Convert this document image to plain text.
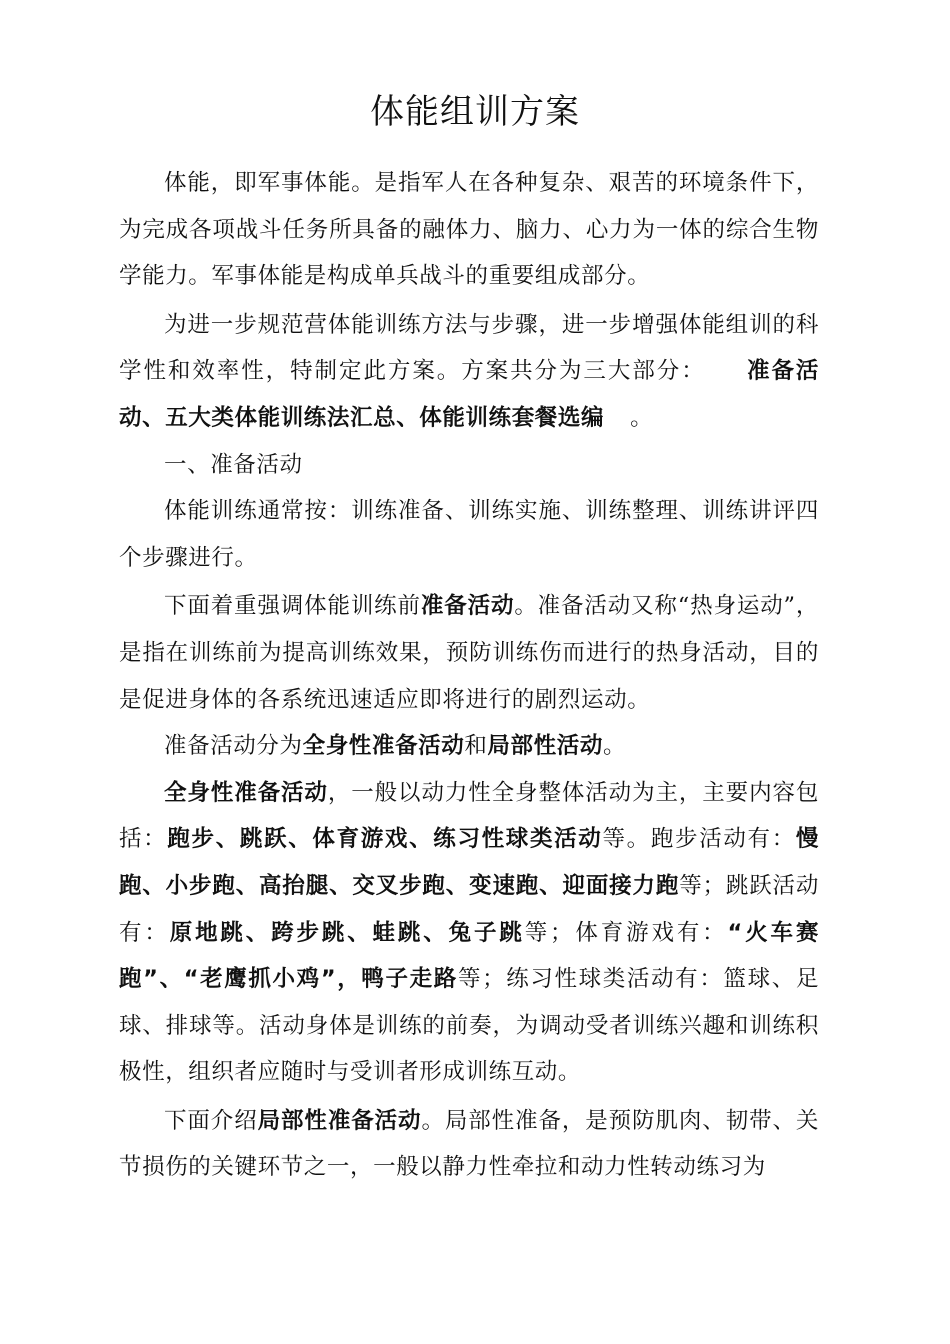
体能组训方案

体能，即军事体能。是指军人在各种复杂、艰苦的环境条件下，为完成各项战斗任务所具备的融体力、脑力、心力为一体的综合生物学能力。军事体能是构成单兵战斗的重要组成部分。

为进一步规范营体能训练方法与步骤，进一步增强体能组训的科学性和效率性，特制定此方案。方案共分为三大部分： 准备活动、五大类体能训练法汇总、体能训练套餐选编 。

一、准备活动

体能训练通常按：训练准备、训练实施、训练整理、训练讲评四个步骤进行。

下面着重强调体能训练前准备活动。准备活动又称“热身运动”，是指在训练前为提高训练效果，预防训练伤而进行的热身活动，目的是促进身体的各系统迅速适应即将进行的剧烈运动。

准备活动分为全身性准备活动和局部性活动。

全身性准备活动，一般以动力性全身整体活动为主，主要内容包括：跑步、跳跃、体育游戏、练习性球类活动等。跑步活动有：慢跑、小步跑、高抬腿、交叉步跑、变速跑、迎面接力跑等；跳跃活动有：原地跳、跨步跳、蛙跳、兔子跳等；体育游戏有：“火车赛跑”、“老鹰抓小鸡”，鸭子走路等；练习性球类活动有：篮球、足球、排球等。活动身体是训练的前奏，为调动受者训练兴趣和训练积极性，组织者应随时与受训者形成训练互动。

下面介绍局部性准备活动。局部性准备，是预防肌肉、韧带、关节损伤的关键环节之一，一般以静力性牵拉和动力性转动练习为
